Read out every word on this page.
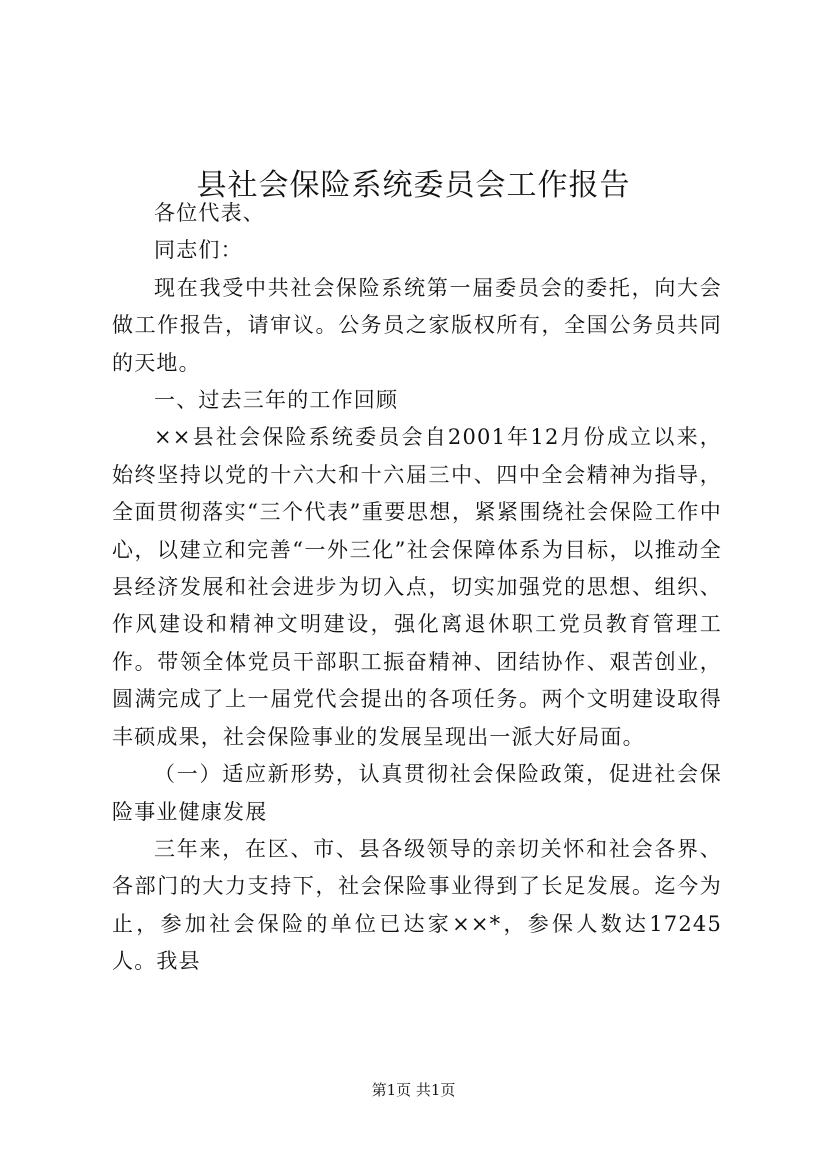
县社会保险系统委员会工作报告

各位代表、

同志们：

现在我受中共社会保险系统第一届委员会的委托，向大会做工作报告，请审议。公务员之家版权所有，全国公务员共同的天地。

一、过去三年的工作回顾

××县社会保险系统委员会自2001年12月份成立以来，始终坚持以党的十六大和十六届三中、四中全会精神为指导，全面贯彻落实“三个代表”重要思想，紧紧围绕社会保险工作中心，以建立和完善“一外三化”社会保障体系为目标，以推动全县经济发展和社会进步为切入点，切实加强党的思想、组织、作风建设和精神文明建设，强化离退休职工党员教育管理工作。带领全体党员干部职工振奋精神、团结协作、艰苦创业，圆满完成了上一届党代会提出的各项任务。两个文明建设取得丰硕成果，社会保险事业的发展呈现出一派大好局面。

（一）适应新形势，认真贯彻社会保险政策，促进社会保险事业健康发展

三年来，在区、市、县各级领导的亲切关怀和社会各界、各部门的大力支持下，社会保险事业得到了长足发展。迄今为止，参加社会保险的单位已达家××*，参保人数达17245人。我县

第1页 共1页
